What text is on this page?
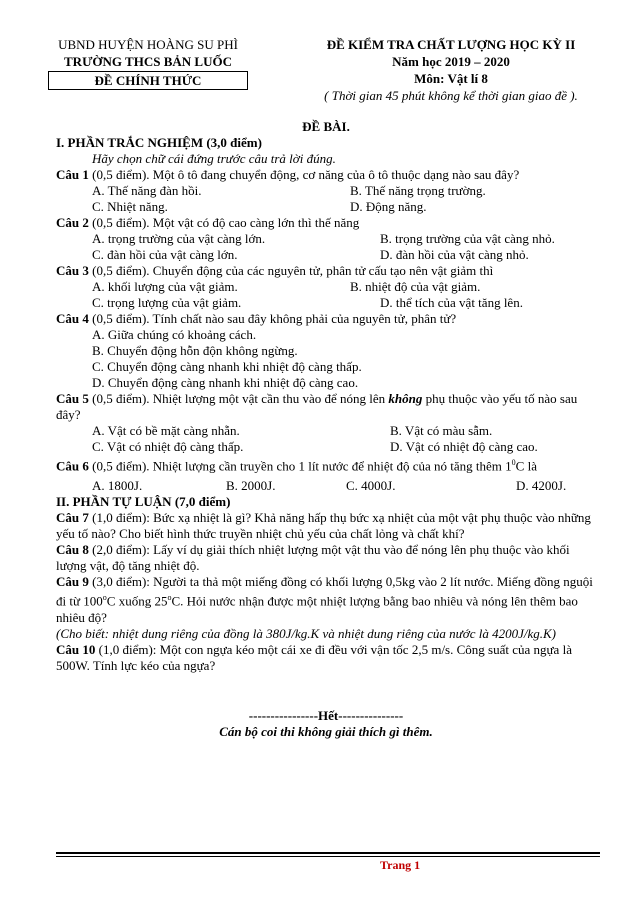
UBND HUYỆN HOÀNG SU PHÌ
TRƯỜNG THCS BẢN LUỐC
ĐỀ CHÍNH THỨC
ĐỀ KIỂM TRA CHẤT LƯỢNG HỌC KỲ II
Năm học 2019 – 2020
Môn: Vật lí 8
( Thời gian 45 phút không kể thời gian giao đề ).

ĐỀ BÀI.

I. PHẦN TRẮC NGHIỆM (3,0 điểm)

Hãy chọn chữ cái đứng trước câu trả lời đúng.

Câu 1 (0,5 điểm). Một ô tô đang chuyển động, cơ năng của ô tô thuộc dạng nào sau đây?

A. Thế năng đàn hồi.	B. Thế năng trọng trường.
C. Nhiệt năng.	D. Động năng.

Câu 2 (0,5 điểm). Một vật có độ cao càng lớn thì thế năng

A. trọng trường của vật càng lớn.	B. trọng trường của vật càng nhỏ.
C. đàn hồi của vật càng lớn.	D. đàn hồi của vật càng nhỏ.

Câu 3 (0,5 điểm). Chuyển động của các nguyên tử, phân tử cấu tạo nên vật giảm thì

A. khối lượng của vật giảm.	B. nhiệt độ của vật giảm.
C. trọng lượng của vật giảm.	D. thể tích của vật tăng lên.

Câu 4 (0,5 điểm). Tính chất nào sau đây không phải của nguyên tử, phân tử?

A. Giữa chúng có khoảng cách.

B. Chuyển động hỗn độn không ngừng.

C. Chuyển động càng nhanh khi nhiệt độ càng thấp.

D. Chuyển động càng nhanh khi nhiệt độ càng cao.

Câu 5 (0,5 điểm). Nhiệt lượng một vật cần thu vào để nóng lên không phụ thuộc vào yếu tố nào sau đây?

A. Vật có bề mặt càng nhẵn.	B. Vật có màu sẫm.
C. Vật có nhiệt độ càng thấp.	D. Vật có nhiệt độ càng cao.

Câu 6 (0,5 điểm). Nhiệt lượng cần truyền cho 1 lít nước để nhiệt độ của nó tăng thêm $1^0C$ là

A. 1800J.	B. 2000J.	C. 4000J.	D. 4200J.

II. PHẦN TỰ LUẬN (7,0 điểm)

Câu 7 (1,0 điểm): Bức xạ nhiệt là gì? Khả năng hấp thụ bức xạ nhiệt của một vật phụ thuộc vào những yếu tố nào? Cho biết hình thức truyền nhiệt chủ yếu của chất lỏng và chất khí?

Câu 8 (2,0 điểm): Lấy ví dụ giải thích nhiệt lượng một vật thu vào để nóng lên phụ thuộc vào khối lượng vật, độ tăng nhiệt độ.

Câu 9 (3,0 điểm): Người ta thả một miếng đồng có khối lượng 0,5kg vào 2 lít nước. Miếng đồng nguội đi từ 100$^o$C xuống 25$^o$C. Hỏi nước nhận được một nhiệt lượng bằng bao nhiêu và nóng lên thêm bao nhiêu độ?

(Cho biết: nhiệt dung riêng của đồng là 380J/kg.K và nhiệt dung riêng của nước là 4200J/kg.K)

Câu 10 (1,0 điểm): Một con ngựa kéo một cái xe đi đều với vận tốc 2,5 m/s. Công suất của ngựa là 500W. Tính lực kéo của ngựa?

----------------Hết---------------

Cán bộ coi thi không giải thích gì thêm.

Trang 1
